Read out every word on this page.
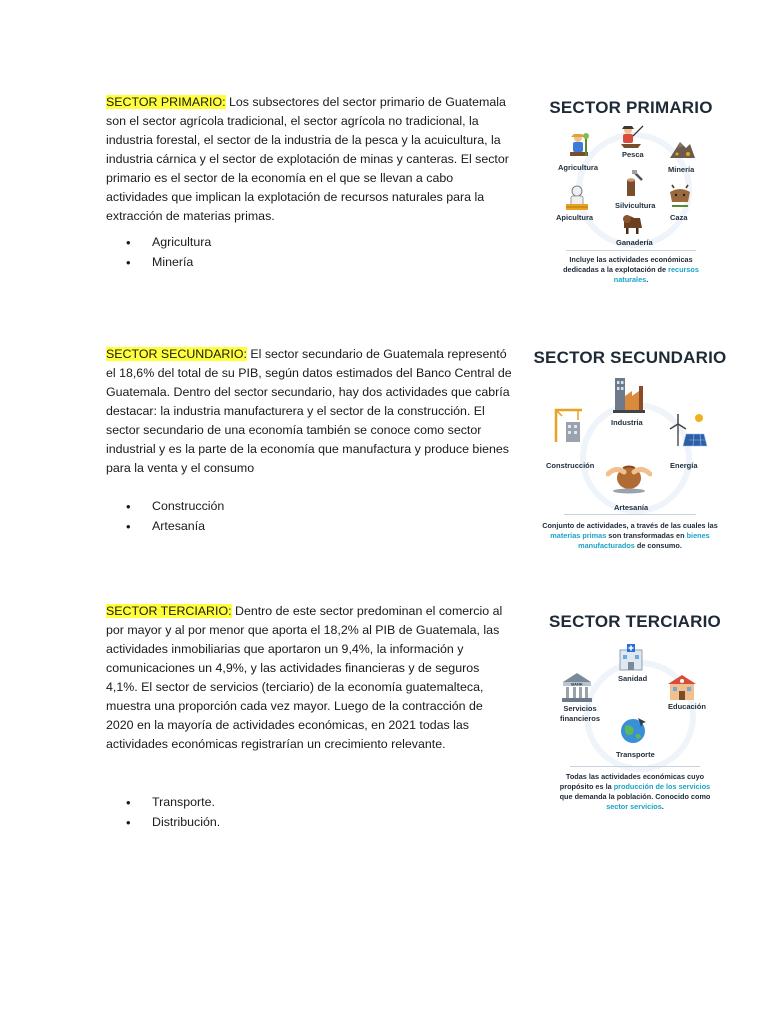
SECTOR PRIMARIO: Los subsectores del sector primario de Guatemala son el sector agrícola tradicional, el sector agrícola no tradicional, la industria forestal, el sector de la industria de la pesca y la acuicultura, la industria cárnica y el sector de explotación de minas y canteras. El sector primario es el sector de la economía en el que se llevan a cabo actividades que implican la explotación de recursos naturales para la extracción de materias primas.

• Agricultura
• Minería
SECTOR PRIMARIO
Agricultura
Pesca
Minería
Silvicultura
Apicultura	Caza
Ganadería
Incluye las actividades económicas dedicadas a la explotación de recursos naturales.

SECTOR SECUNDARIO: El sector secundario de Guatemala representó el 18,6% del total de su PIB, según datos estimados del Banco Central de Guatemala. Dentro del sector secundario, hay dos actividades que cabría destacar: la industria manufacturera y el sector de la construcción. El sector secundario de una economía también se conoce como sector industrial y es la parte de la economía que manufactura y produce bienes para la venta y el consumo

• Construcción
• Artesanía
SECTOR SECUNDARIO
Industria
Construcción	Energía
Artesanía
Conjunto de actividades, a través de las cuales las materias primas son transformadas en bienes manufacturados de consumo.

SECTOR TERCIARIO: Dentro de este sector predominan el comercio al por mayor y al por menor que aporta el 18,2% al PIB de Guatemala, las actividades inmobiliarias que aportaron un 9,4%, la información y comunicaciones un 4,9%, y las actividades financieras y de seguros 4,1%. El sector de servicios (terciario) de la economía guatemalteca, muestra una proporción cada vez mayor. Luego de la contracción de 2020 en la mayoría de actividades económicas, en 2021 todas las actividades económicas registrarían un crecimiento relevante.

• Transporte.
• Distribución.
SECTOR TERCIARIO
Sanidad
BANK
Servicios
financieros
Educación
Transporte
Todas las actividades económicas cuyo propósito es la producción de los servicios que demanda la población. Conocido como sector servicios.
